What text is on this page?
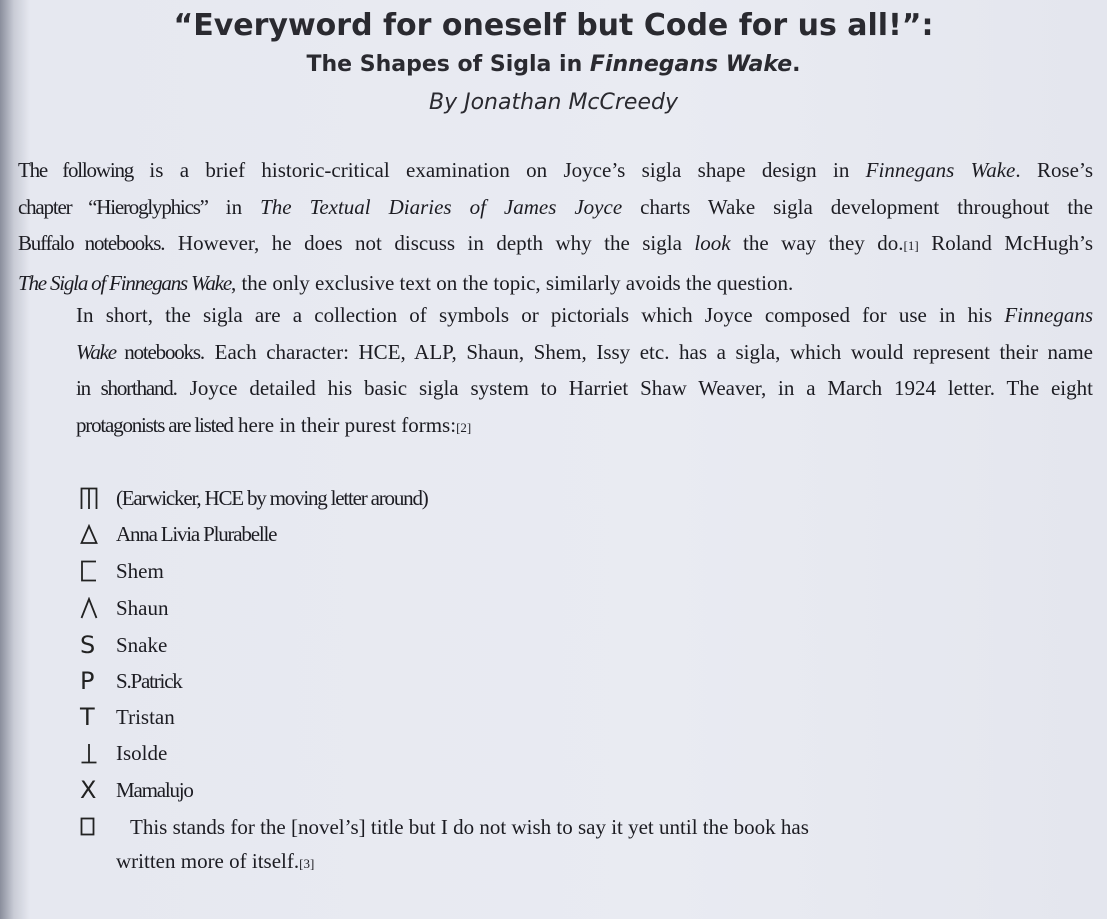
“Everyword for oneself but Code for us all!”:
The Shapes of Sigla in Finnegans Wake.
By Jonathan McCreedy
The following is a brief historic-critical examination on Joyce’s sigla shape design in Finnegans Wake. Rose’s
chapter “Hieroglyphics” in The Textual Diaries of James Joyce charts Wake sigla development throughout the
Buffalo notebooks. However, he does not discuss in depth why the sigla look the way they do.[1] Roland McHugh’s
The Sigla of Finnegans Wake, the only exclusive text on the topic, similarly avoids the question.
In short, the sigla are a collection of symbols or pictorials which Joyce composed for use in his Finnegans
Wake notebooks. Each character: HCE, ALP, Shaun, Shem, Issy etc. has a sigla, which would represent their name
in shorthand. Joyce detailed his basic sigla system to Harriet Shaw Weaver, in a March 1924 letter. The eight
protagonists are listed here in their purest forms:[2]
(Earwicker, HCE by moving letter around)
Anna Livia Plurabelle
Shem
Shaun
S Snake
P	S.Patrick
T	Tristan
Isolde
X Mamalujo
This stands for the [novel’s] title but I do not wish to say it yet until the book has
written more of itself.[3]
